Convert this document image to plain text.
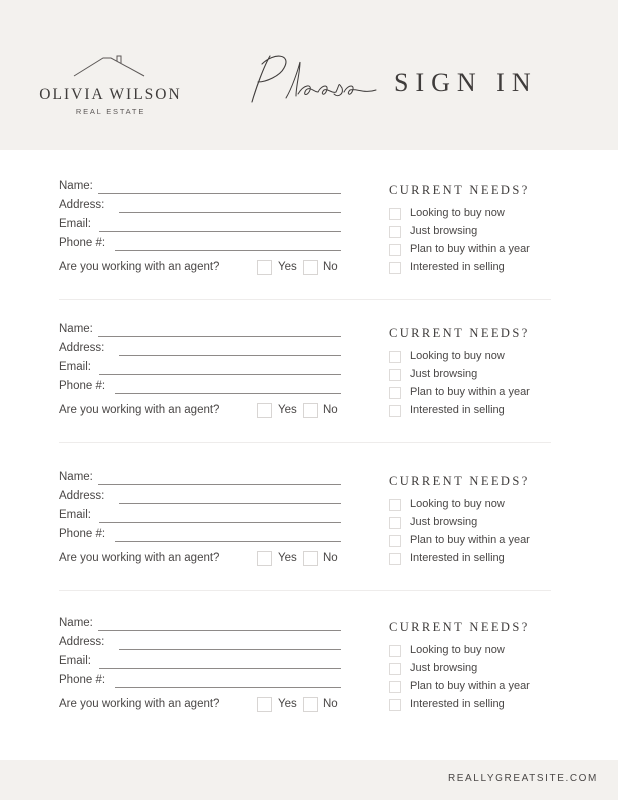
OLIVIA WILSON
REAL ESTATE
SIGN IN
Name:
Address:
Email:
Phone #:
Are you working with an agent?	Yes No
CURRENT NEEDS?
Looking to buy now
Just browsing
Plan to buy within a year
Interested in selling
Name:
Address:
Email:
Phone #:
Are you working with an agent?	Yes No
CURRENT NEEDS?
Looking to buy now
Just browsing
Plan to buy within a year
Interested in selling
Name:
Address:
Email:
Phone #:
Are you working with an agent?	Yes No
CURRENT NEEDS?
Looking to buy now
Just browsing
Plan to buy within a year
Interested in selling
Name:
Address:
Email:
Phone #:
Are you working with an agent?	Yes No
CURRENT NEEDS?
Looking to buy now
Just browsing
Plan to buy within a year
Interested in selling
REALLYGREATSITE.COM
